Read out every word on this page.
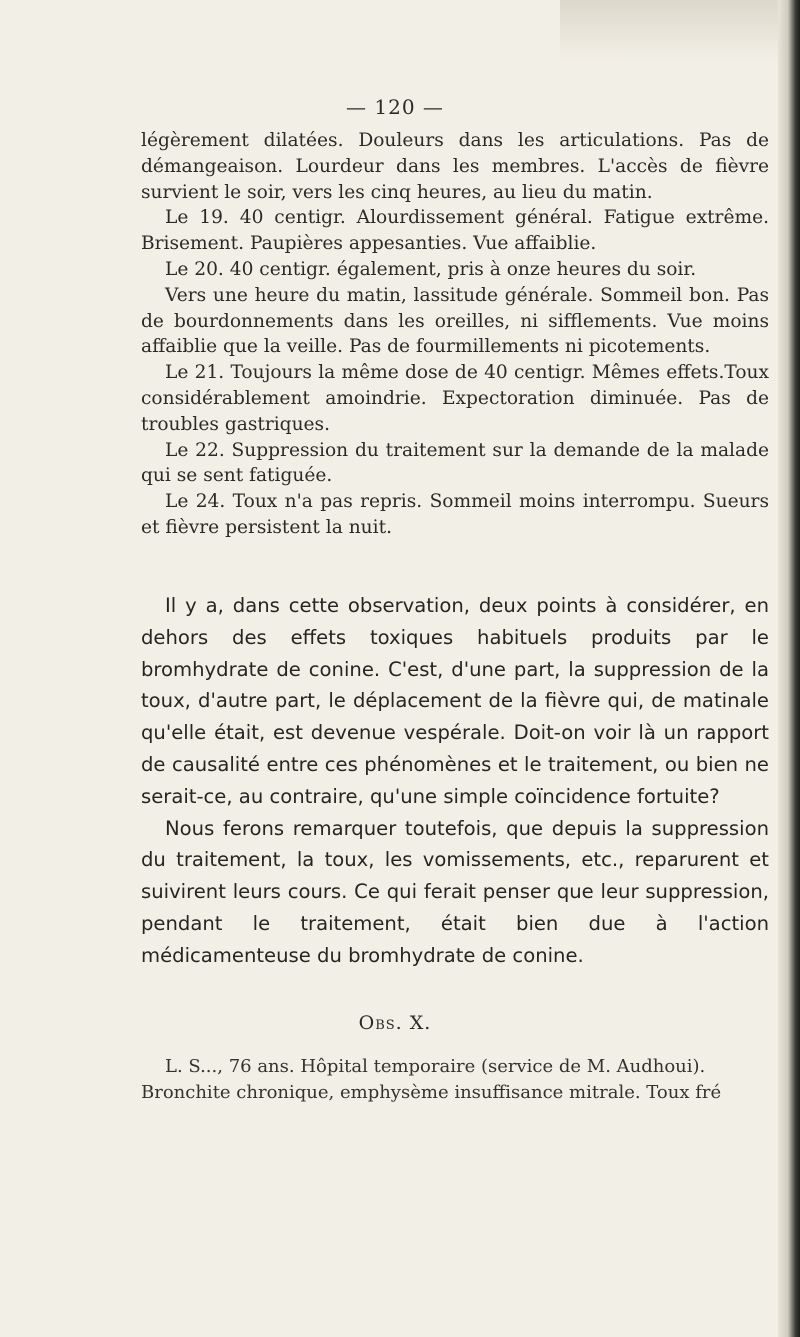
— 120 —

légèrement dilatées. Douleurs dans les articulations. Pas de démangeaison. Lourdeur dans les membres. L'accès de fièvre survient le soir, vers les cinq heures, au lieu du matin.

Le 19. 40 centigr. Alourdissement général. Fatigue extrême. Brisement. Paupières appesanties. Vue affaiblie.

Le 20. 40 centigr. également, pris à onze heures du soir.

Vers une heure du matin, lassitude générale. Sommeil bon. Pas de bourdonnements dans les oreilles, ni sifflements. Vue moins affaiblie que la veille. Pas de fourmillements ni picotements.

Le 21. Toujours la même dose de 40 centigr. Mêmes effets.Toux considérablement amoindrie. Expectoration diminuée. Pas de troubles gastriques.

Le 22. Suppression du traitement sur la demande de la malade qui se sent fatiguée.

Le 24. Toux n'a pas repris. Sommeil moins interrompu. Sueurs et fièvre persistent la nuit.

Il y a, dans cette observation, deux points à considérer, en dehors des effets toxiques habituels produits par le bromhydrate de conine. C'est, d'une part, la suppression de la toux, d'autre part, le déplacement de la fièvre qui, de matinale qu'elle était, est devenue vespérale. Doit-on voir là un rapport de causalité entre ces phénomènes et le traitement, ou bien ne serait-ce, au contraire, qu'une simple coïncidence fortuite?

Nous ferons remarquer toutefois, que depuis la suppression du traitement, la toux, les vomissements, etc., reparurent et suivirent leurs cours. Ce qui ferait penser que leur suppression, pendant le traitement, était bien due à l'action médicamenteuse du bromhydrate de conine.

Obs. X.

L. S..., 76 ans. Hôpital temporaire (service de M. Audhoui).

Bronchite chronique, emphysème insuffisance mitrale. Toux fré
